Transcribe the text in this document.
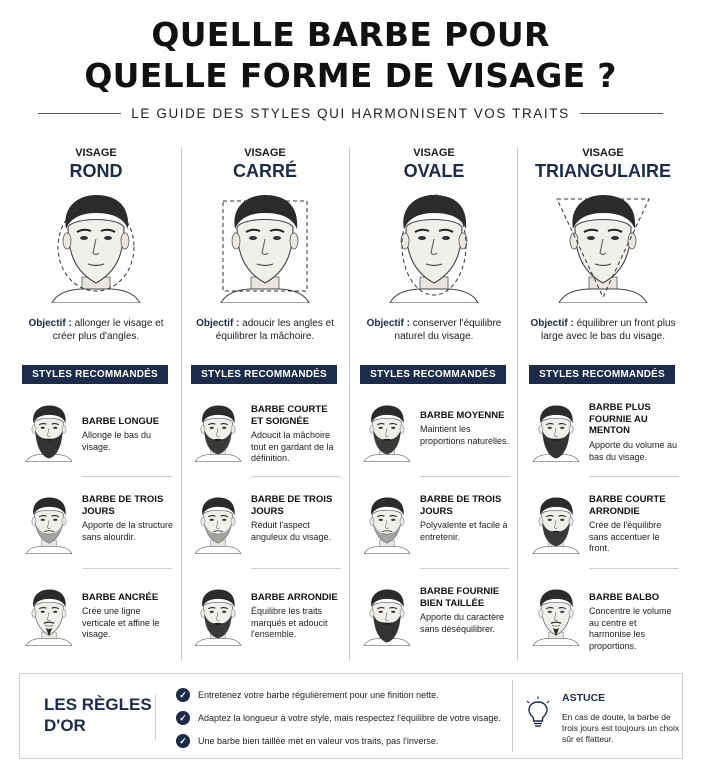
QUELLE BARBE POUR
QUELLE FORME DE VISAGE ?
LE GUIDE DES STYLES QUI HARMONISENT VOS TRAITS
VISAGE
ROND
Objectif : allonger le visage et créer plus d'angles.
STYLES RECOMMANDÉS
BARBE LONGUE
Allonge le bas du visage.
BARBE DE TROIS JOURS
Apporte de la structure sans alourdir.
BARBE ANCRÉE
Crée une ligne verticale et affine le visage.
VISAGE
CARRÉ
Objectif : adoucir les angles et équilibrer la mâchoire.
STYLES RECOMMANDÉS
BARBE COURTE ET SOIGNÉE
Adoucit la mâchoire tout en gardant de la définition.
BARBE DE TROIS JOURS
Réduit l'aspect anguleux du visage.
BARBE ARRONDIE
Équilibre les traits marqués et adoucit l'ensemble.
VISAGE
OVALE
Objectif : conserver l'équilibre naturel du visage.
STYLES RECOMMANDÉS
BARBE MOYENNE
Maintient les proportions naturelles.
BARBE DE TROIS JOURS
Polyvalente et facile à entretenir.
BARBE FOURNIE BIEN TAILLÉE
Apporte du caractère sans déséquilibrer.
VISAGE
TRIANGULAIRE
Objectif : équilibrer un front plus large avec le bas du visage.
STYLES RECOMMANDÉS
BARBE PLUS FOURNIE AU MENTON
Apporte du volume au bas du visage.
BARBE COURTE ARRONDIE
Crée de l'équilibre sans accentuer le front.
BARBE BALBO
Concentre le volume au centre et harmonise les proportions.
LES RÈGLES
D'OR
✓	Entretenez votre barbe régulièrement pour une finition nette.
✓	Adaptez la longueur à votre style, mais respectez l'équilibre de votre visage.
✓	Une barbe bien taillée met en valeur vos traits, pas l'inverse.
ASTUCE
En cas de doute, la barbe de trois jours est toujours un choix sûr et flatteur.
